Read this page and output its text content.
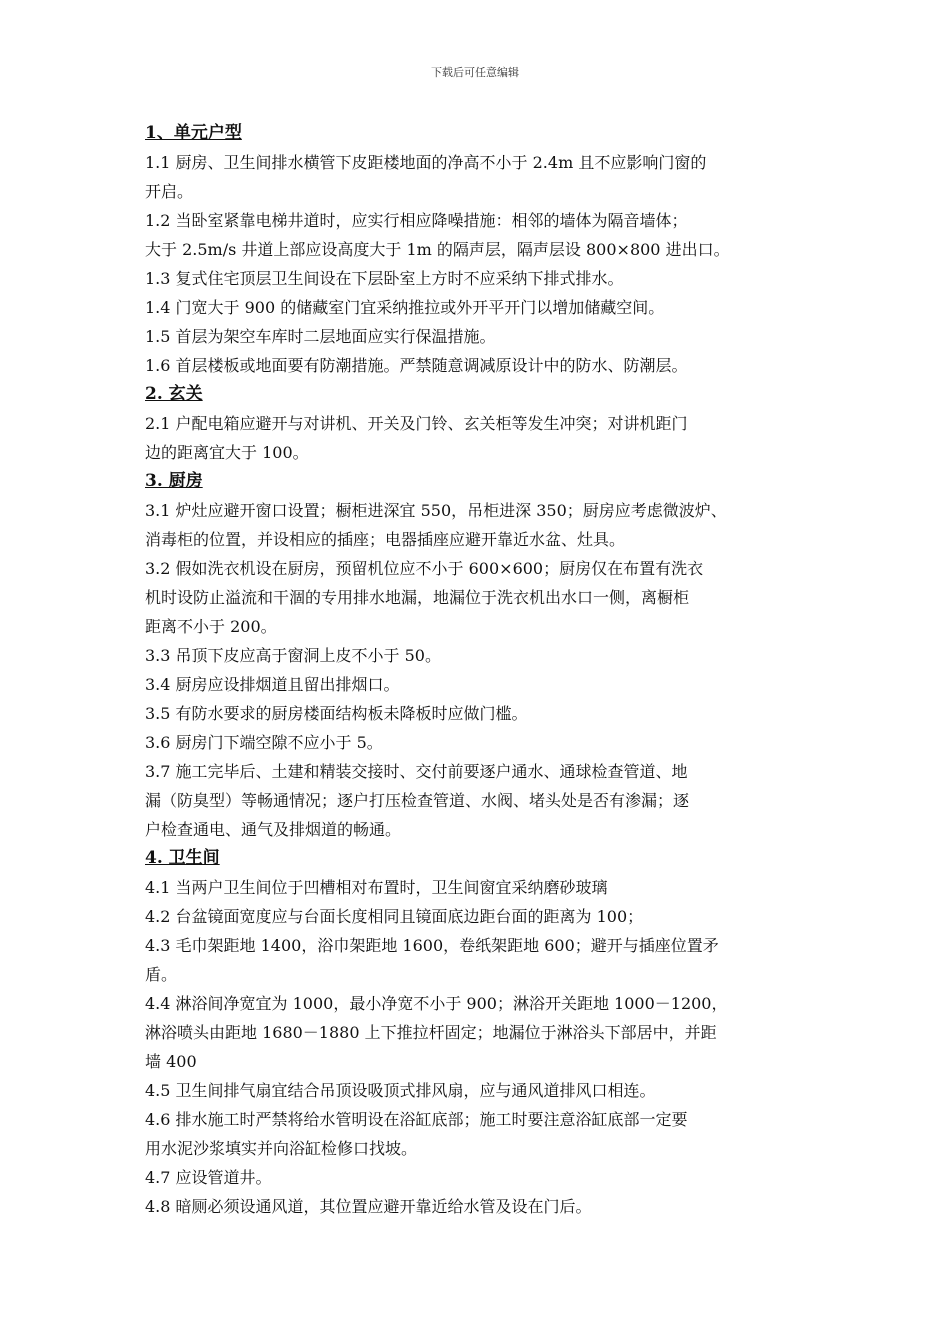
下载后可任意编辑
1、单元户型
1.1 厨房、卫生间排水横管下皮距楼地面的净高不小于 2.4m 且不应影响门窗的
开启。
1.2 当卧室紧靠电梯井道时，应实行相应降噪措施：相邻的墙体为隔音墙体；
大于 2.5m/s 井道上部应设高度大于 1m 的隔声层，隔声层设 800×800 进出口。
1.3 复式住宅顶层卫生间设在下层卧室上方时不应采纳下排式排水。
1.4 门宽大于 900 的储藏室门宜采纳推拉或外开平开门以增加储藏空间。
1.5 首层为架空车库时二层地面应实行保温措施。
1.6 首层楼板或地面要有防潮措施。严禁随意调减原设计中的防水、防潮层。
2. 玄关
2.1 户配电箱应避开与对讲机、开关及门铃、玄关柜等发生冲突；对讲机距门
边的距离宜大于 100。
3. 厨房
3.1 炉灶应避开窗口设置；橱柜进深宜 550，吊柜进深 350；厨房应考虑微波炉、
消毒柜的位置，并设相应的插座；电器插座应避开靠近水盆、灶具。
3.2 假如洗衣机设在厨房，预留机位应不小于 600×600；厨房仅在布置有洗衣
机时设防止溢流和干涸的专用排水地漏，地漏位于洗衣机出水口一侧，离橱柜
距离不小于 200。
3.3 吊顶下皮应高于窗洞上皮不小于 50。
3.4 厨房应设排烟道且留出排烟口。
3.5 有防水要求的厨房楼面结构板未降板时应做门槛。
3.6 厨房门下端空隙不应小于 5。
3.7 施工完毕后、土建和精装交接时、交付前要逐户通水、通球检查管道、地
漏（防臭型）等畅通情况；逐户打压检查管道、水阀、堵头处是否有渗漏；逐
户检查通电、通气及排烟道的畅通。
4. 卫生间
4.1 当两户卫生间位于凹槽相对布置时，卫生间窗宜采纳磨砂玻璃
4.2 台盆镜面宽度应与台面长度相同且镜面底边距台面的距离为 100；
4.3 毛巾架距地 1400，浴巾架距地 1600，卷纸架距地 600；避开与插座位置矛
盾。
4.4 淋浴间净宽宜为 1000，最小净宽不小于 900；淋浴开关距地 1000－1200，
淋浴喷头由距地 1680－1880 上下推拉杆固定；地漏位于淋浴头下部居中，并距
墙 400
4.5 卫生间排气扇宜结合吊顶设吸顶式排风扇，应与通风道排风口相连。
4.6 排水施工时严禁将给水管明设在浴缸底部；施工时要注意浴缸底部一定要
用水泥沙浆填实并向浴缸检修口找坡。
4.7 应设管道井。
4.8 暗厕必须设通风道，其位置应避开靠近给水管及设在门后。
